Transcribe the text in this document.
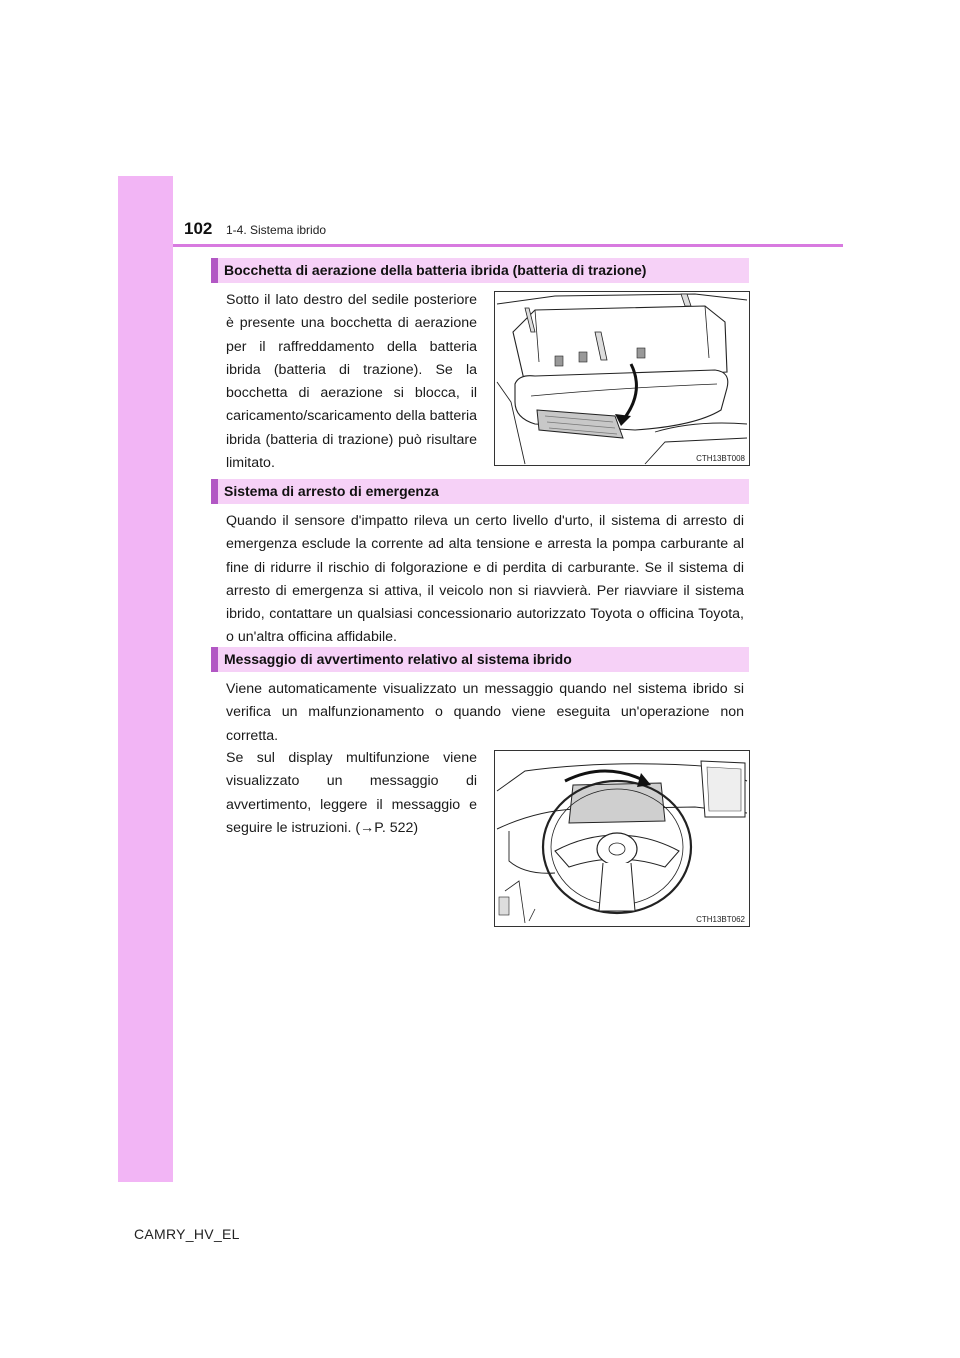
102 1-4. Sistema ibrido
Bocchetta di aerazione della batteria ibrida (batteria di trazione)
Sotto il lato destro del sedile posteriore è presente una bocchetta di aerazione per il raffreddamento della batteria ibrida (batteria di trazione). Se la bocchetta di aerazione si blocca, il caricamento/scaricamento della batteria ibrida (batteria di trazione) può risultare limitato.	CTH13BT008
Sistema di arresto di emergenza
Quando il sensore d'impatto rileva un certo livello d'urto, il sistema di arresto di emergenza esclude la corrente ad alta tensione e arresta la pompa carburante al fine di ridurre il rischio di folgorazione e di perdita di carburante. Se il sistema di arresto di emergenza si attiva, il veicolo non si riavvierà. Per riavviare il sistema ibrido, contattare un qualsiasi concessionario autorizzato Toyota o officina Toyota, o un'altra officina affidabile.
Messaggio di avvertimento relativo al sistema ibrido
Viene automaticamente visualizzato un messaggio quando nel sistema ibrido si verifica un malfunzionamento o quando viene eseguita un'operazione non corretta.
Se sul display multifunzione viene visualizzato un messaggio di avvertimento, leggere il messaggio e seguire le istruzioni. (→P. 522)
CTH13BT062
CAMRY_HV_EL
